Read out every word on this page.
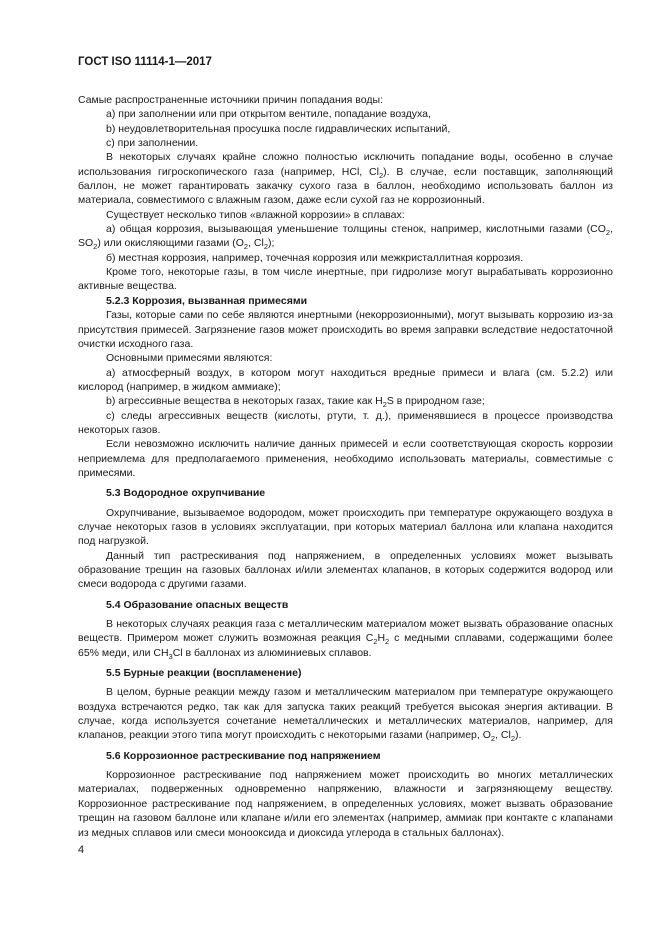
ГОСТ ISO 11114-1—2017

Самые распространенные источники причин попадания воды:

a) при заполнении или при открытом вентиле, попадание воздуха,

b) неудовлетворительная просушка после гидравлических испытаний,

c) при заполнении.

В некоторых случаях крайне сложно полностью исключить попадание воды, особенно в случае использования гигроскопического газа (например, HCl, $Cl_2$). В случае, если поставщик, заполняющий баллон, не может гарантировать закачку сухого газа в баллон, необходимо использовать баллон из материала, совместимого с влажным газом, даже если сухой газ не коррозионный.

Существует несколько типов «влажной коррозии» в сплавах:

a) общая коррозия, вызывающая уменьшение толщины стенок, например, кислотными газами ($CO_2$, $SO_2$) или окисляющими газами ($O_2$, $Cl_2$);

б) местная коррозия, например, точечная коррозия или межкристаллитная коррозия.

Кроме того, некоторые газы, в том числе инертные, при гидролизе могут вырабатывать коррозионно активные вещества.

5.2.3 Коррозия, вызванная примесями

Газы, которые сами по себе являются инертными (некоррозионными), могут вызывать коррозию из-за присутствия примесей. Загрязнение газов может происходить во время заправки вследствие недостаточной очистки исходного газа.

Основными примесями являются:

a) атмосферный воздух, в котором могут находиться вредные примеси и влага (см. 5.2.2) или кислород (например, в жидком аммиаке);

b) агрессивные вещества в некоторых газах, такие как $H_2S$ в природном газе;

c) следы агрессивных веществ (кислоты, ртути, т. д.), применявшиеся в процессе производства некоторых газов.

Если невозможно исключить наличие данных примесей и если соответствующая скорость коррозии неприемлема для предполагаемого применения, необходимо использовать материалы, совместимые с примесями.

5.3 Водородное охрупчивание

Охрупчивание, вызываемое водородом, может происходить при температуре окружающего воздуха в случае некоторых газов в условиях эксплуатации, при которых материал баллона или клапана находится под нагрузкой.

Данный тип растрескивания под напряжением, в определенных условиях может вызывать образование трещин на газовых баллонах и/или элементах клапанов, в которых содержится водород или смеси водорода с другими газами.

5.4 Образование опасных веществ

В некоторых случаях реакция газа с металлическим материалом может вызвать образование опасных веществ. Примером может служить возможная реакция $C_2H_2$ с медными сплавами, содержащими более 65% меди, или $CH_3Cl$ в баллонах из алюминиевых сплавов.

5.5 Бурные реакции (воспламенение)

В целом, бурные реакции между газом и металлическим материалом при температуре окружающего воздуха встречаются редко, так как для запуска таких реакций требуется высокая энергия активации. В случае, когда используется сочетание неметаллических и металлических материалов, например, для клапанов, реакции этого типа могут происходить с некоторыми газами (например, $O_2$, $Cl_2$).

5.6 Коррозионное растрескивание под напряжением

Коррозионное растрескивание под напряжением может происходить во многих металлических материалах, подверженных одновременно напряжению, влажности и загрязняющему веществу. Коррозионное растрескивание под напряжением, в определенных условиях, может вызвать образование трещин на газовом баллоне или клапане и/или его элементах (например, аммиак при контакте с клапанами из медных сплавов или смеси монооксида и диоксида углерода в стальных баллонах).

4
